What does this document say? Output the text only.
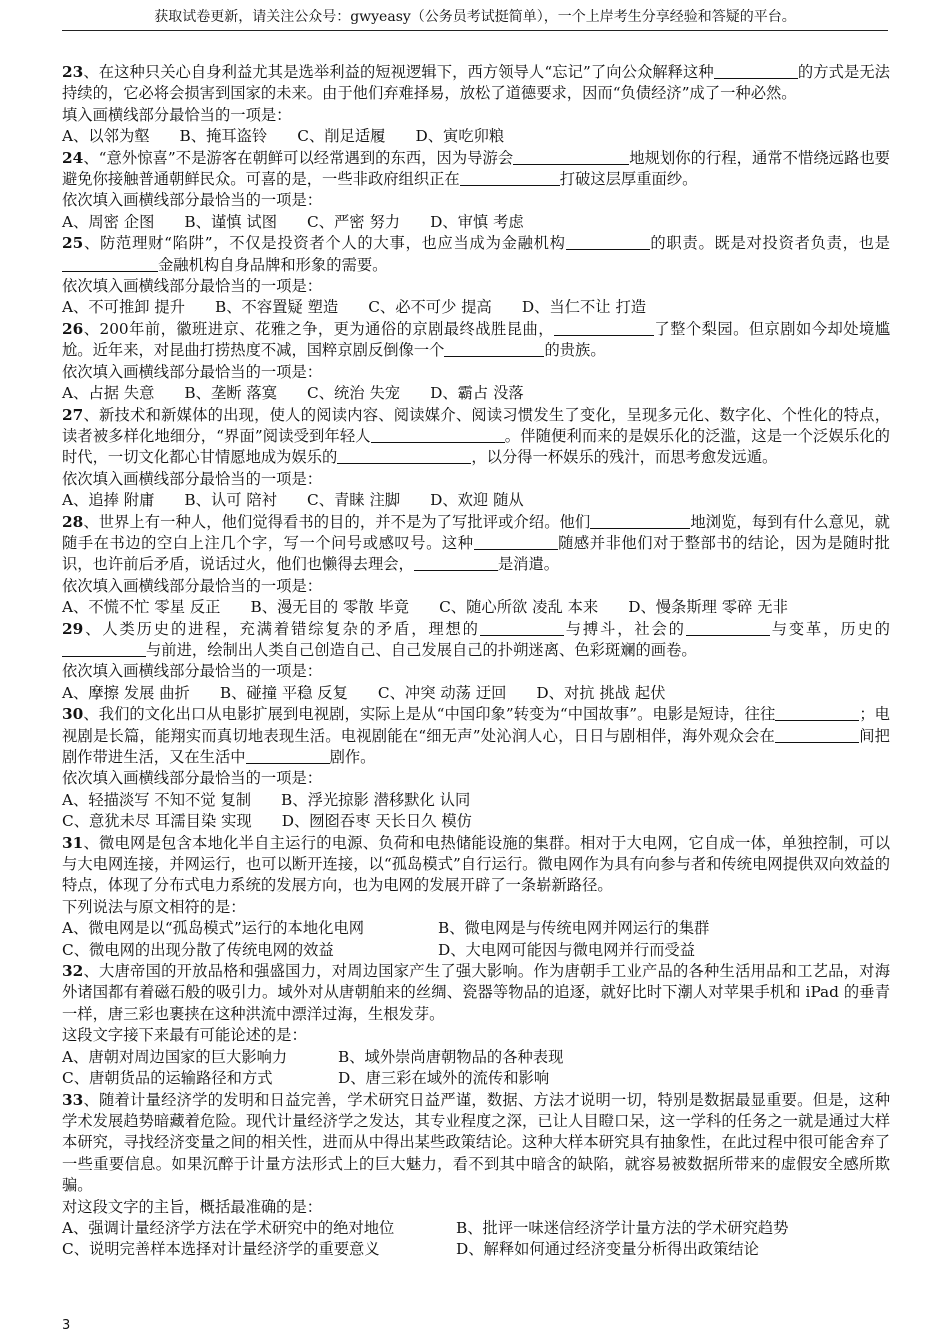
获取试卷更新，请关注公众号：gwyeasy（公务员考试挺简单），一个上岸考生分享经验和答疑的平台。

23、在这种只关心自身利益尤其是选举利益的短视逻辑下，西方领导人“忘记”了向公众解释这种	的方式是无法持续的，它必将会损害到国家的未来。由于他们弃难择易，放松了道德要求，因而“负债经济”成了一种必然。

填入画横线部分最恰当的一项是：

A、以邻为壑 B、掩耳盗铃 C、削足适履 D、寅吃卯粮

24、“意外惊喜”不是游客在朝鲜可以经常遇到的东西，因为导游会	地规划你的行程，通常不惜绕远路也要避免你接触普通朝鲜民众。可喜的是，一些非政府组织正在	打破这层厚重面纱。

依次填入画横线部分最恰当的一项是：

A、周密 企图 B、谨慎 试图 C、严密 努力 D、审慎 考虑

25、防范理财“陷阱”，不仅是投资者个人的大事，也应当成为金融机构	的职责。既是对投资者负责，也是金融机构自身品牌和形象的需要。

依次填入画横线部分最恰当的一项是：

A、不可推卸 提升 B、不容置疑 塑造 C、必不可少 提高 D、当仁不让 打造

26、200年前，徽班进京、花雅之争，更为通俗的京剧最终战胜昆曲，	了整个梨园。但京剧如今却处境尴尬。近年来，对昆曲打捞热度不减，国粹京剧反倒像一个	的贵族。

依次填入画横线部分最恰当的一项是：

A、占据 失意 B、垄断 落寞 C、统治 失宠 D、霸占 没落

27、新技术和新媒体的出现，使人的阅读内容、阅读媒介、阅读习惯发生了变化，呈现多元化、数字化、个性化的特点，读者被多样化地细分，“界面”阅读受到年轻人	。伴随便利而来的是娱乐化的泛滥，这是一个泛娱乐化的时代，一切文化都心甘情愿地成为娱乐的	，以分得一杯娱乐的残汁，而思考愈发远遁。

依次填入画横线部分最恰当的一项是：

A、追捧 附庸 B、认可 陪衬 C、青睐 注脚 D、欢迎 随从

28、世界上有一种人，他们觉得看书的目的，并不是为了写批评或介绍。他们	地浏览，每到有什么意见，就随手在书边的空白上注几个字，写一个问号或感叹号。这种	随感并非他们对于整部书的结论，因为是随时批识，也许前后矛盾，说话过火，他们也懒得去理会，	是消遣。

依次填入画横线部分最恰当的一项是：

A、不慌不忙 零星 反正 B、漫无目的 零散 毕竟 C、随心所欲 凌乱 本来 D、慢条斯理 零碎 无非

29、人类历史的进程，充满着错综复杂的矛盾，理想的	与搏斗，社会的	与变革，历史的与前进，绘制出人类自己创造自己、自己发展自己的扑朔迷离、色彩斑斓的画卷。

依次填入画横线部分最恰当的一项是：

A、摩擦 发展 曲折 B、碰撞 平稳 反复 C、冲突 动荡 迂回 D、对抗 挑战 起伏

30、我们的文化出口从电影扩展到电视剧，实际上是从“中国印象”转变为“中国故事”。电影是短诗，往往	；电视剧是长篇，能翔实而真切地表现生活。电视剧能在“细无声”处沁润人心，日日与剧相伴，海外观众会在	间把剧作带进生活，又在生活中	剧作。

依次填入画横线部分最恰当的一项是：

A、轻描淡写 不知不觉 复制 B、浮光掠影 潜移默化 认同
C、意犹未尽 耳濡目染 实现 D、囫囵吞枣 天长日久 模仿

31、微电网是包含本地化半自主运行的电源、负荷和电热储能设施的集群。相对于大电网，它自成一体，单独控制，可以与大电网连接，并网运行，也可以断开连接，以“孤岛模式”自行运行。微电网作为具有向参与者和传统电网提供双向效益的特点，体现了分布式电力系统的发展方向，也为电网的发展开辟了一条崭新路径。

下列说法与原文相符的是：

A、微电网是以“孤岛模式”运行的本地化电网	B、微电网是与传统电网并网运行的集群
C、微电网的出现分散了传统电网的效益	D、大电网可能因与微电网并行而受益

32、大唐帝国的开放品格和强盛国力，对周边国家产生了强大影响。作为唐朝手工业产品的各种生活用品和工艺品，对海外诸国都有着磁石般的吸引力。域外对从唐朝舶来的丝绸、瓷器等物品的追逐，就好比时下潮人对苹果手机和 iPad 的垂青一样，唐三彩也裹挟在这种洪流中漂洋过海，生根发芽。

这段文字接下来最有可能论述的是：

A、唐朝对周边国家的巨大影响力	B、域外崇尚唐朝物品的各种表现
C、唐朝货品的运输路径和方式	D、唐三彩在域外的流传和影响

33、随着计量经济学的发明和日益完善，学术研究日益严谨，数据、方法才说明一切，特别是数据最显重要。但是，这种学术发展趋势暗藏着危险。现代计量经济学之发达，其专业程度之深，已让人目瞪口呆，这一学科的任务之一就是通过大样本研究，寻找经济变量之间的相关性，进而从中得出某些政策结论。这种大样本研究具有抽象性，在此过程中很可能舍弃了一些重要信息。如果沉醉于计量方法形式上的巨大魅力，看不到其中暗含的缺陷，就容易被数据所带来的虚假安全感所欺骗。

对这段文字的主旨，概括最准确的是：

A、强调计量经济学方法在学术研究中的绝对地位	B、批评一味迷信经济学计量方法的学术研究趋势
C、说明完善样本选择对计量经济学的重要意义	D、解释如何通过经济变量分析得出政策结论
3
